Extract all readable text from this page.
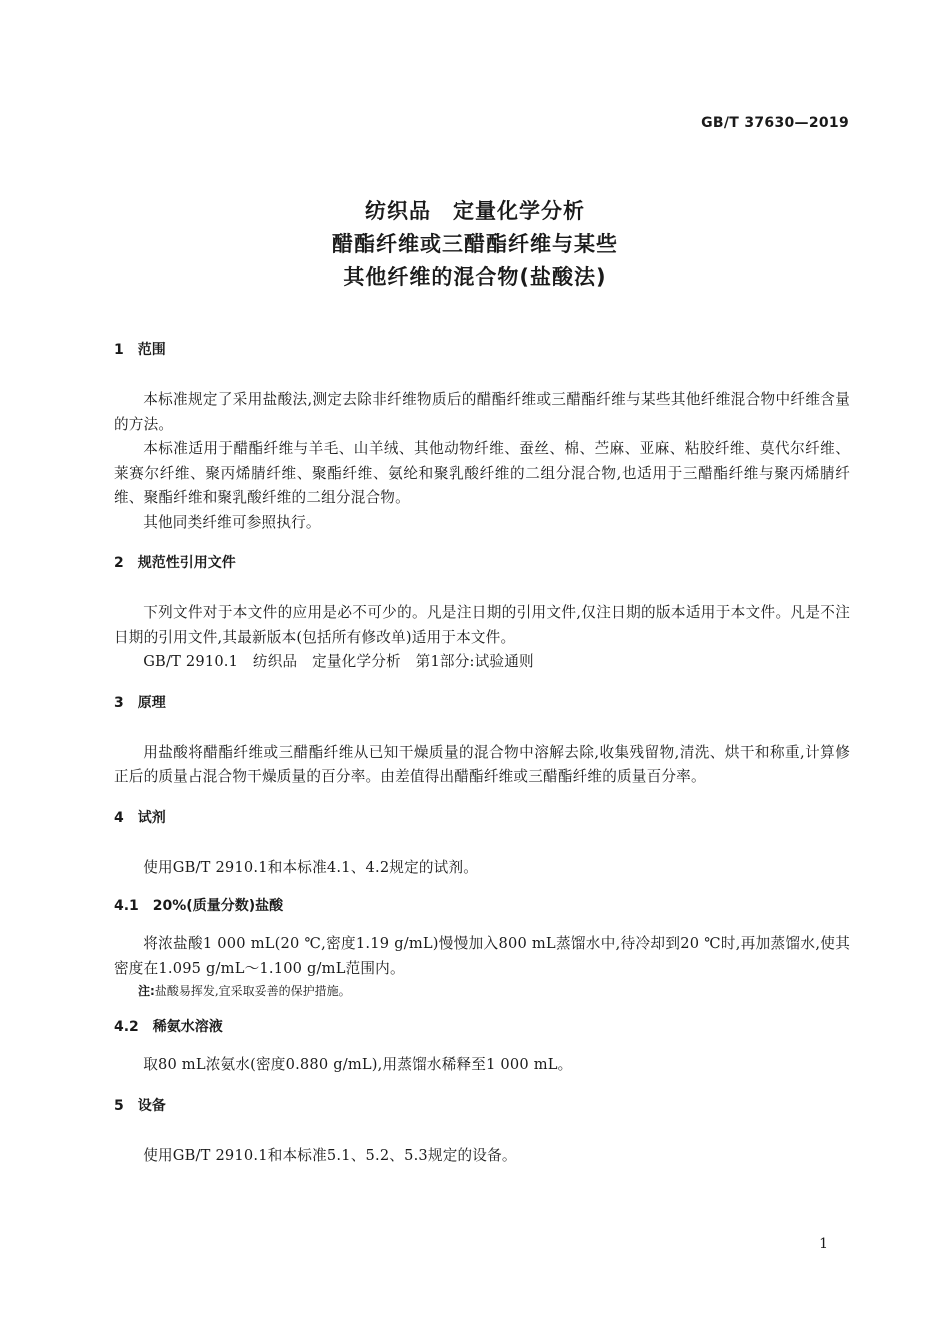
GB/T 37630—2019
纺织品　定量化学分析
醋酯纤维或三醋酯纤维与某些
其他纤维的混合物(盐酸法)
1　范围

本标准规定了采用盐酸法,测定去除非纤维物质后的醋酯纤维或三醋酯纤维与某些其他纤维混合物中纤维含量的方法。

本标准适用于醋酯纤维与羊毛、山羊绒、其他动物纤维、蚕丝、棉、苎麻、亚麻、粘胶纤维、莫代尔纤维、莱赛尔纤维、聚丙烯腈纤维、聚酯纤维、氨纶和聚乳酸纤维的二组分混合物,也适用于三醋酯纤维与聚丙烯腈纤维、聚酯纤维和聚乳酸纤维的二组分混合物。

其他同类纤维可参照执行。

2　规范性引用文件

下列文件对于本文件的应用是必不可少的。凡是注日期的引用文件,仅注日期的版本适用于本文件。凡是不注日期的引用文件,其最新版本(包括所有修改单)适用于本文件。

GB/T 2910.1　纺织品　定量化学分析　第1部分:试验通则

3　原理

用盐酸将醋酯纤维或三醋酯纤维从已知干燥质量的混合物中溶解去除,收集残留物,清洗、烘干和称重,计算修正后的质量占混合物干燥质量的百分率。由差值得出醋酯纤维或三醋酯纤维的质量百分率。

4　试剂

使用GB/T 2910.1和本标准4.1、4.2规定的试剂。

4.1　20%(质量分数)盐酸

将浓盐酸1 000 mL(20 ℃,密度1.19 g/mL)慢慢加入800 mL蒸馏水中,待冷却到20 ℃时,再加蒸馏水,使其密度在1.095 g/mL～1.100 g/mL范围内。

注:盐酸易挥发,宜采取妥善的保护措施。

4.2　稀氨水溶液

取80 mL浓氨水(密度0.880 g/mL),用蒸馏水稀释至1 000 mL。

5　设备

使用GB/T 2910.1和本标准5.1、5.2、5.3规定的设备。

1
